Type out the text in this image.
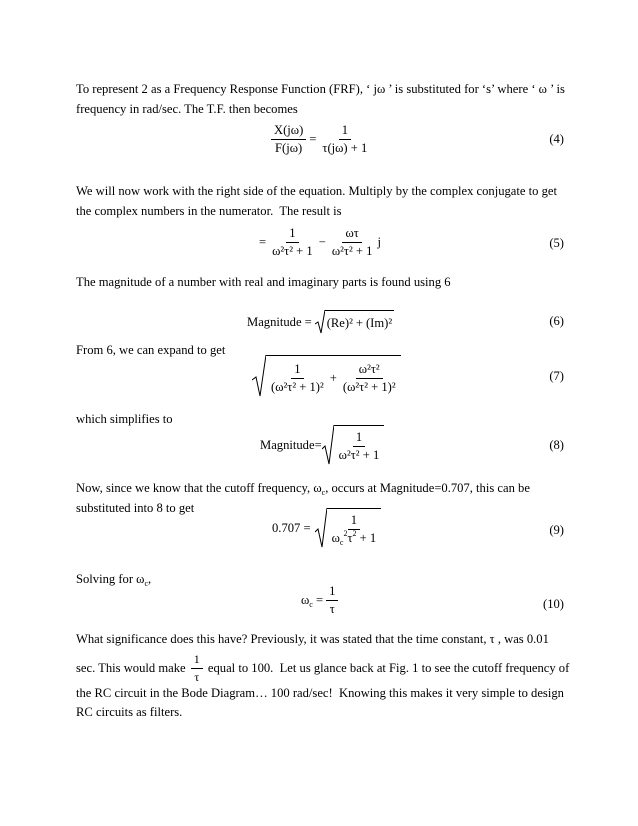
To represent 2 as a Frequency Response Function (FRF), ‘ jω ’ is substituted for ‘s’ where ‘ ω ’ is frequency in rad/sec. The T.F. then becomes
$\frac{X(j\omega)}{F(j\omega)} = \frac{1}{\tau(j\omega) + 1}$	(4)
We will now work with the right side of the equation. Multiply by the complex conjugate to get the complex numbers in the numerator.  The result is
= $\frac{1}{\text{ω²τ² + 1}} - \frac{\omega\tau}{\text{ω²τ² + 1}}$ j	(5)
The magnitude of a number with real and imaginary parts is found using 6
Magnitude = (Re)² + (Im)²	(6)
From 6, we can expand to get
$\frac{1}{\text{(ω²τ² + 1)²}} + \frac{\text{ω²τ²}}{\text{(ω²τ² + 1)²}}$	(7)
which simplifies to
Magnitude= $\frac{1}{\text{ω²τ² + 1}}$	(8)
Now, since we know that the cutoff frequency, $\omega_c$, occurs at Magnitude=0.707, this can be substituted into 8 to get
$0.707 = \frac{1}{\omega_c^2\tau^2 + 1}$	(9)
Solving for $\omega_c$,
$\omega_c = \frac{1}{\tau}$	(10)
What significance does this have? Previously, it was stated that the time constant, τ , was 0.01
sec. This would make $\frac{1}{\tau}$ equal to 100.  Let us glance back at Fig. 1 to see the cutoff frequency of
the RC circuit in the Bode Diagram… 100 rad/sec!  Knowing this makes it very simple to design
RC circuits as filters.
